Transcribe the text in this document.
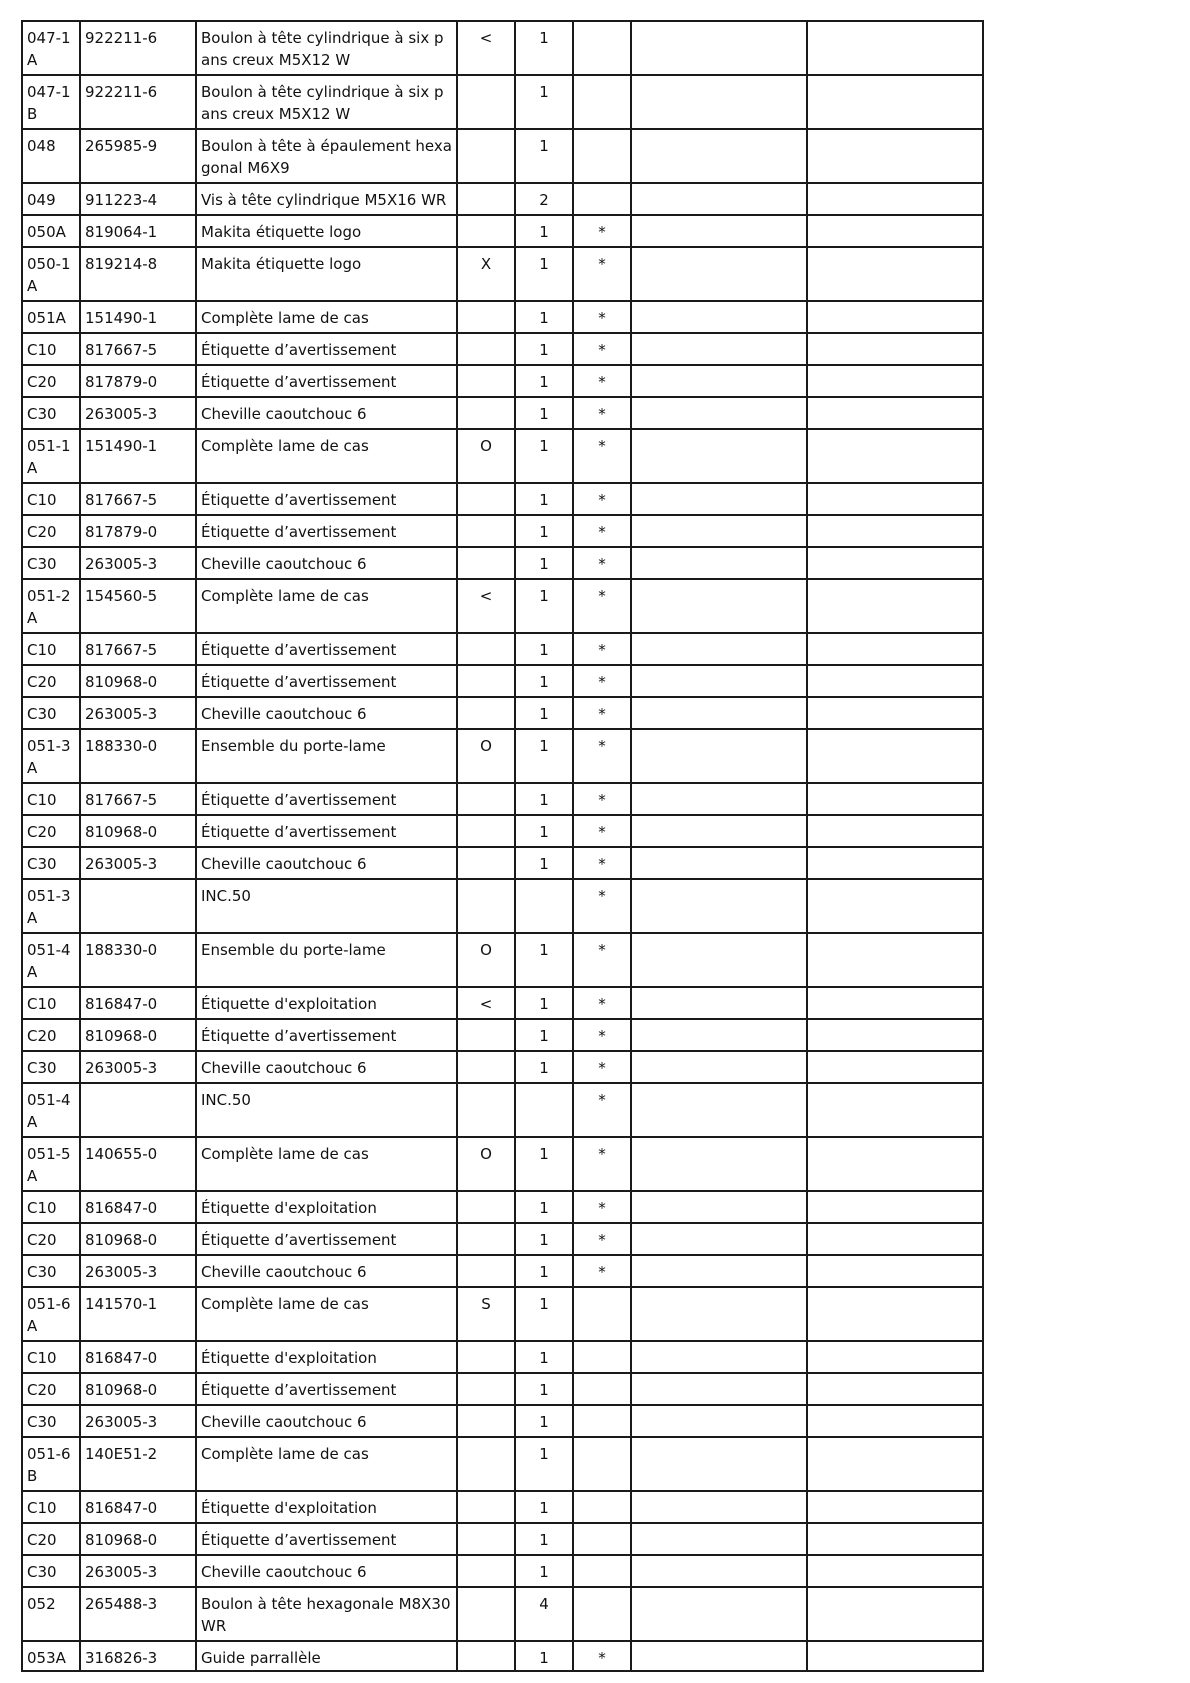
047-1A	922211-6	Boulon à tête cylindrique à six pans creux M5X12 W	<	1			
047-1B	922211-6	Boulon à tête cylindrique à six pans creux M5X12 W		1			
048	265985-9	Boulon à tête à épaulement hexagonal M6X9		1			
049	911223-4	Vis à tête cylindrique M5X16 WR		2			
050A	819064-1	Makita étiquette logo		1	*		
050-1A	819214-8	Makita étiquette logo	X	1	*		
051A	151490-1	Complète lame de cas		1	*		
C10	817667-5	Étiquette d’avertissement		1	*		
C20	817879-0	Étiquette d’avertissement		1	*		
C30	263005-3	Cheville caoutchouc 6		1	*		
051-1A	151490-1	Complète lame de cas	O	1	*		
C10	817667-5	Étiquette d’avertissement		1	*		
C20	817879-0	Étiquette d’avertissement		1	*		
C30	263005-3	Cheville caoutchouc 6		1	*		
051-2A	154560-5	Complète lame de cas	<	1	*		
C10	817667-5	Étiquette d’avertissement		1	*		
C20	810968-0	Étiquette d’avertissement		1	*		
C30	263005-3	Cheville caoutchouc 6		1	*		
051-3A	188330-0	Ensemble du porte-lame	O	1	*		
C10	817667-5	Étiquette d’avertissement		1	*		
C20	810968-0	Étiquette d’avertissement		1	*		
C30	263005-3	Cheville caoutchouc 6		1	*		
051-3A		INC.50			*		
051-4A	188330-0	Ensemble du porte-lame	O	1	*		
C10	816847-0	Étiquette d'exploitation	<	1	*		
C20	810968-0	Étiquette d’avertissement		1	*		
C30	263005-3	Cheville caoutchouc 6		1	*		
051-4A		INC.50			*		
051-5A	140655-0	Complète lame de cas	O	1	*		
C10	816847-0	Étiquette d'exploitation		1	*		
C20	810968-0	Étiquette d’avertissement		1	*		
C30	263005-3	Cheville caoutchouc 6		1	*		
051-6A	141570-1	Complète lame de cas	S	1			
C10	816847-0	Étiquette d'exploitation		1			
C20	810968-0	Étiquette d’avertissement		1			
C30	263005-3	Cheville caoutchouc 6		1			
051-6B	140E51-2	Complète lame de cas		1			
C10	816847-0	Étiquette d'exploitation		1			
C20	810968-0	Étiquette d’avertissement		1			
C30	263005-3	Cheville caoutchouc 6		1			
052	265488-3	Boulon à tête hexagonale M8X30 WR		4			
053A	316826-3	Guide parrallèle		1	*		
